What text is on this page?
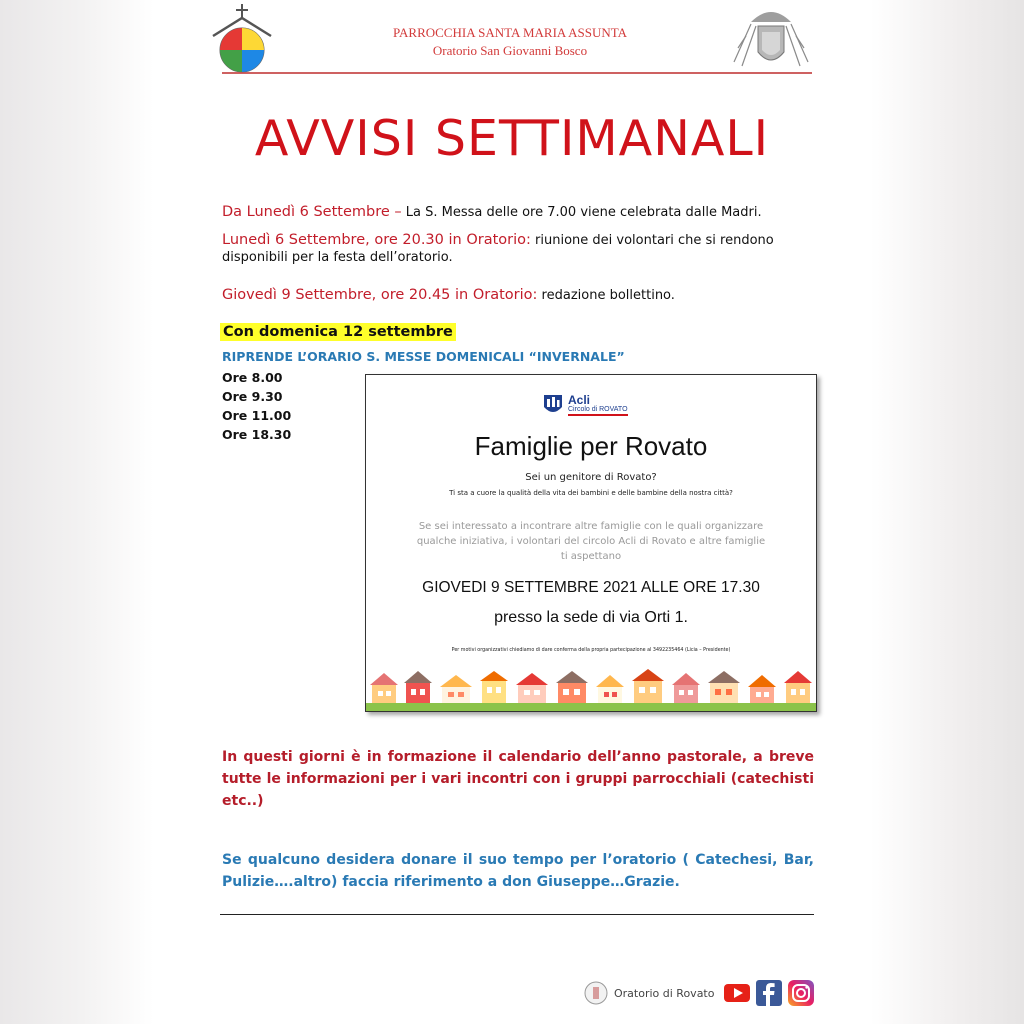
PARROCCHIA SANTA MARIA ASSUNTA
Oratorio San Giovanni Bosco
AVVISI SETTIMANALI
Da Lunedì 6 Settembre – La S. Messa delle ore 7.00 viene celebrata dalle Madri.
Lunedì 6 Settembre, ore 20.30 in Oratorio: riunione dei volontari che si rendono
disponibili per la festa dell’oratorio.
Giovedì 9 Settembre, ore 20.45 in Oratorio: redazione bollettino.
Con domenica 12 settembre
RIPRENDE L’ORARIO S. MESSE DOMENICALI “INVERNALE”
Ore 8.00
Ore 9.30
Ore 11.00
Ore 18.30
Acli
Circolo di ROVATO
Famiglie per Rovato
Sei un genitore di Rovato?
Ti sta a cuore la qualità della vita dei bambini e delle bambine della nostra città?
Se sei interessato a incontrare altre famiglie con le quali organizzare
qualche iniziativa, i volontari del circolo Acli di Rovato e altre famiglie
ti aspettano
GIOVEDI 9 SETTEMBRE 2021 ALLE ORE 17.30
presso la sede di via Orti 1.
Per motivi organizzativi chiediamo di dare conferma della propria partecipazione al 3492235464 (Licia – Presidente)
In questi giorni è in formazione il calendario dell’anno pastorale, a breve tutte le informazioni per i vari incontri con i gruppi parrocchiali (catechisti etc..)
Se qualcuno desidera donare il suo tempo per l’oratorio ( Catechesi, Bar, Pulizie….altro) faccia riferimento a don Giuseppe…Grazie.
Oratorio di Rovato
